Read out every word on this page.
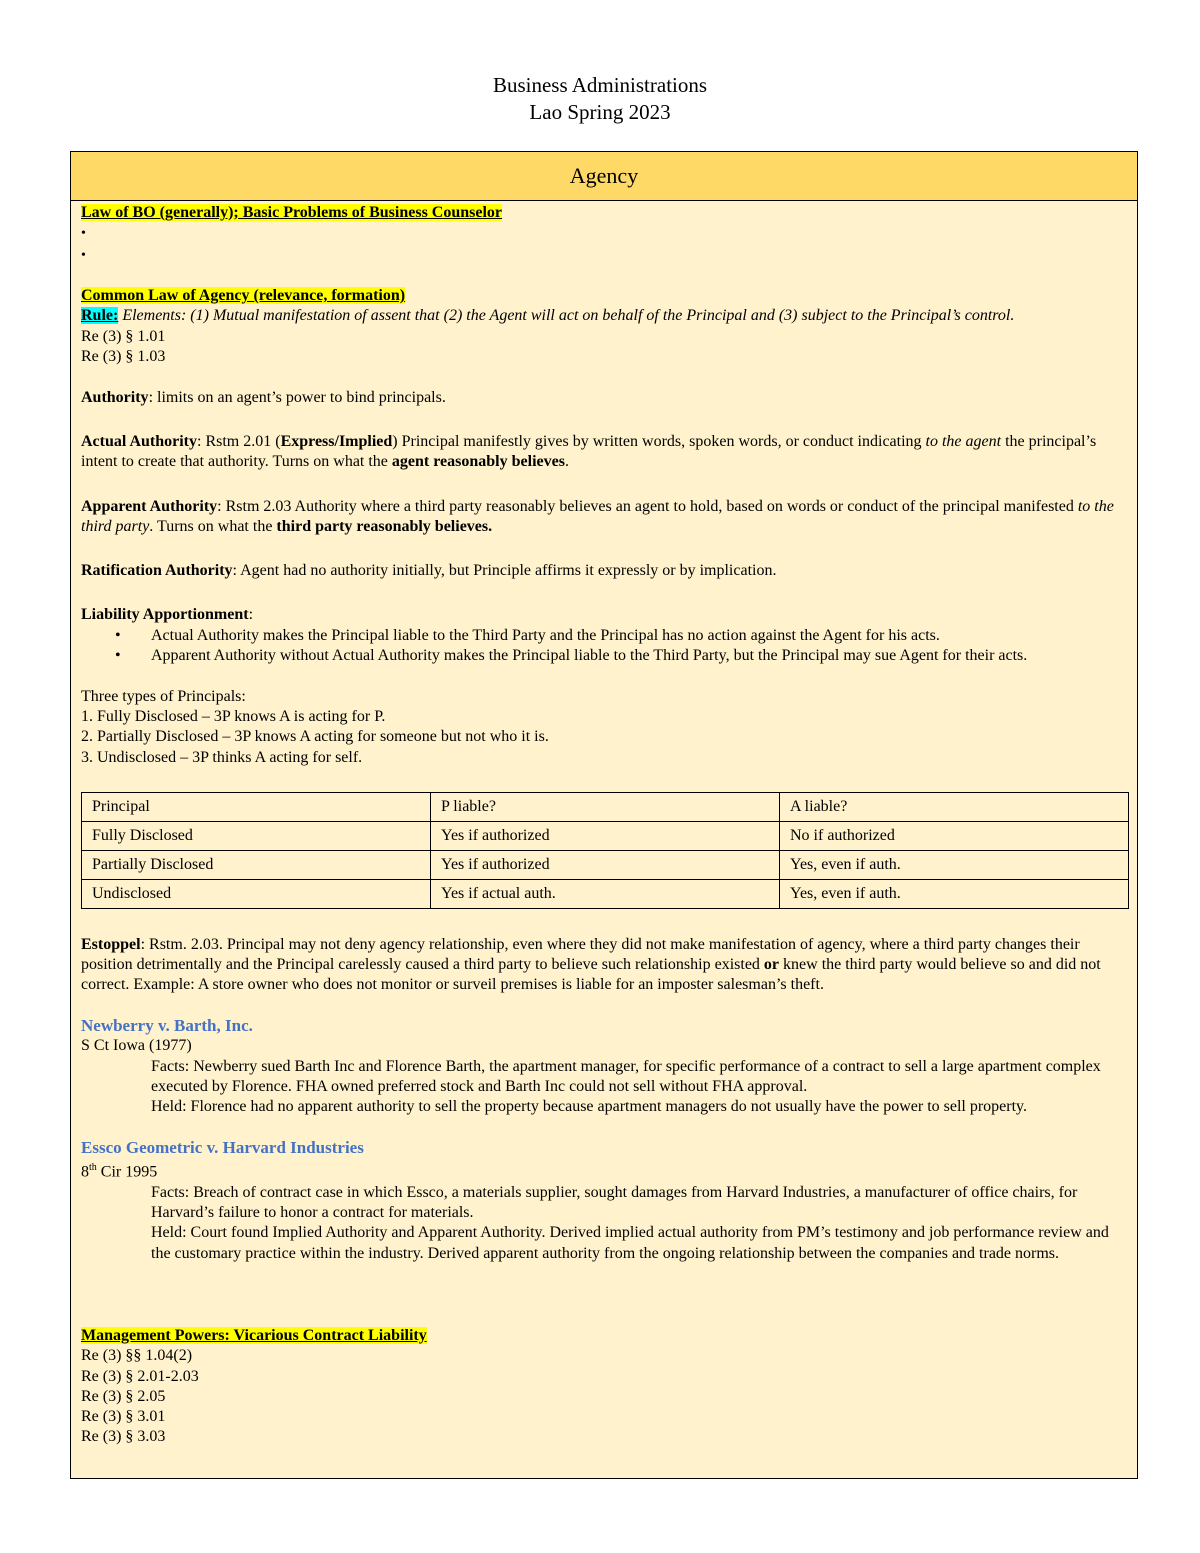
Business Administrations
Lao Spring 2023
Agency
Law of BO (generally); Basic Problems of Business Counselor
•
•
Common Law of Agency (relevance, formation)
Rule: Elements: (1) Mutual manifestation of assent that (2) the Agent will act on behalf of the Principal and (3) subject to the Principal’s control.
Re (3) § 1.01
Re (3) § 1.03
Authority: limits on an agent’s power to bind principals.
Actual Authority: Rstm 2.01 (Express/Implied) Principal manifestly gives by written words, spoken words, or conduct indicating to the agent the principal’s intent to create that authority. Turns on what the agent reasonably believes.
Apparent Authority: Rstm 2.03 Authority where a third party reasonably believes an agent to hold, based on words or conduct of the principal manifested to the third party. Turns on what the third party reasonably believes.
Ratification Authority: Agent had no authority initially, but Principle affirms it expressly or by implication.
Liability Apportionment:
• Actual Authority makes the Principal liable to the Third Party and the Principal has no action against the Agent for his acts.
• Apparent Authority without Actual Authority makes the Principal liable to the Third Party, but the Principal may sue Agent for their acts.
Three types of Principals:
1. Fully Disclosed – 3P knows A is acting for P.
2. Partially Disclosed – 3P knows A acting for someone but not who it is.
3. Undisclosed – 3P thinks A acting for self.
Principal	P liable?	A liable?
Fully Disclosed	Yes if authorized	No if authorized
Partially Disclosed	Yes if authorized	Yes, even if auth.
Undisclosed	Yes if actual auth.	Yes, even if auth.
Estoppel: Rstm. 2.03. Principal may not deny agency relationship, even where they did not make manifestation of agency, where a third party changes their position detrimentally and the Principal carelessly caused a third party to believe such relationship existed or knew the third party would believe so and did not correct. Example: A store owner who does not monitor or surveil premises is liable for an imposter salesman’s theft.
Newberry v. Barth, Inc.
S Ct Iowa (1977)
Facts: Newberry sued Barth Inc and Florence Barth, the apartment manager, for specific performance of a contract to sell a large apartment complex executed by Florence. FHA owned preferred stock and Barth Inc could not sell without FHA approval.
Held: Florence had no apparent authority to sell the property because apartment managers do not usually have the power to sell property.
Essco Geometric v. Harvard Industries
8th Cir 1995
Facts: Breach of contract case in which Essco, a materials supplier, sought damages from Harvard Industries, a manufacturer of office chairs, for Harvard’s failure to honor a contract for materials.
Held: Court found Implied Authority and Apparent Authority. Derived implied actual authority from PM’s testimony and job performance review and the customary practice within the industry. Derived apparent authority from the ongoing relationship between the companies and trade norms.
Management Powers: Vicarious Contract Liability
Re (3) §§ 1.04(2)
Re (3) § 2.01-2.03
Re (3) § 2.05
Re (3) § 3.01
Re (3) § 3.03
